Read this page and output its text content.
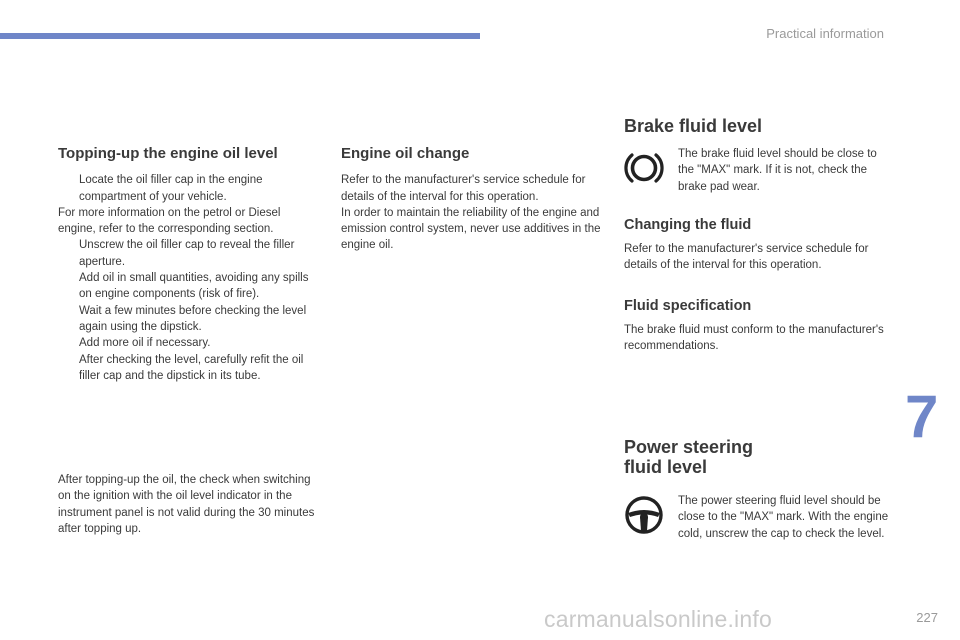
Practical information
Topping-up the engine oil level
Locate the oil filler cap in the engine compartment of your vehicle.

For more information on the petrol or Diesel engine, refer to the corresponding section.

Unscrew the oil filler cap to reveal the filler aperture.
Add oil in small quantities, avoiding any spills on engine components (risk of fire).
Wait a few minutes before checking the level again using the dipstick.
Add more oil if necessary.
After checking the level, carefully refit the oil filler cap and the dipstick in its tube.

After topping-up the oil, the check when switching on the ignition with the oil level indicator in the instrument panel is not valid during the 30 minutes after topping up.

Engine oil change

Refer to the manufacturer's service schedule for details of the interval for this operation.

In order to maintain the reliability of the engine and emission control system, never use additives in the engine oil.

Brake fluid level

The brake fluid level should be close to the "MAX" mark. If it is not, check the brake pad wear.

Changing the fluid

Refer to the manufacturer's service schedule for details of the interval for this operation.

Fluid specification

The brake fluid must conform to the manufacturer's recommendations.

Power steering
fluid level

The power steering fluid level should be close to the "MAX" mark. With the engine cold, unscrew the cap to check the level.

7
227
carmanualsonline.info
